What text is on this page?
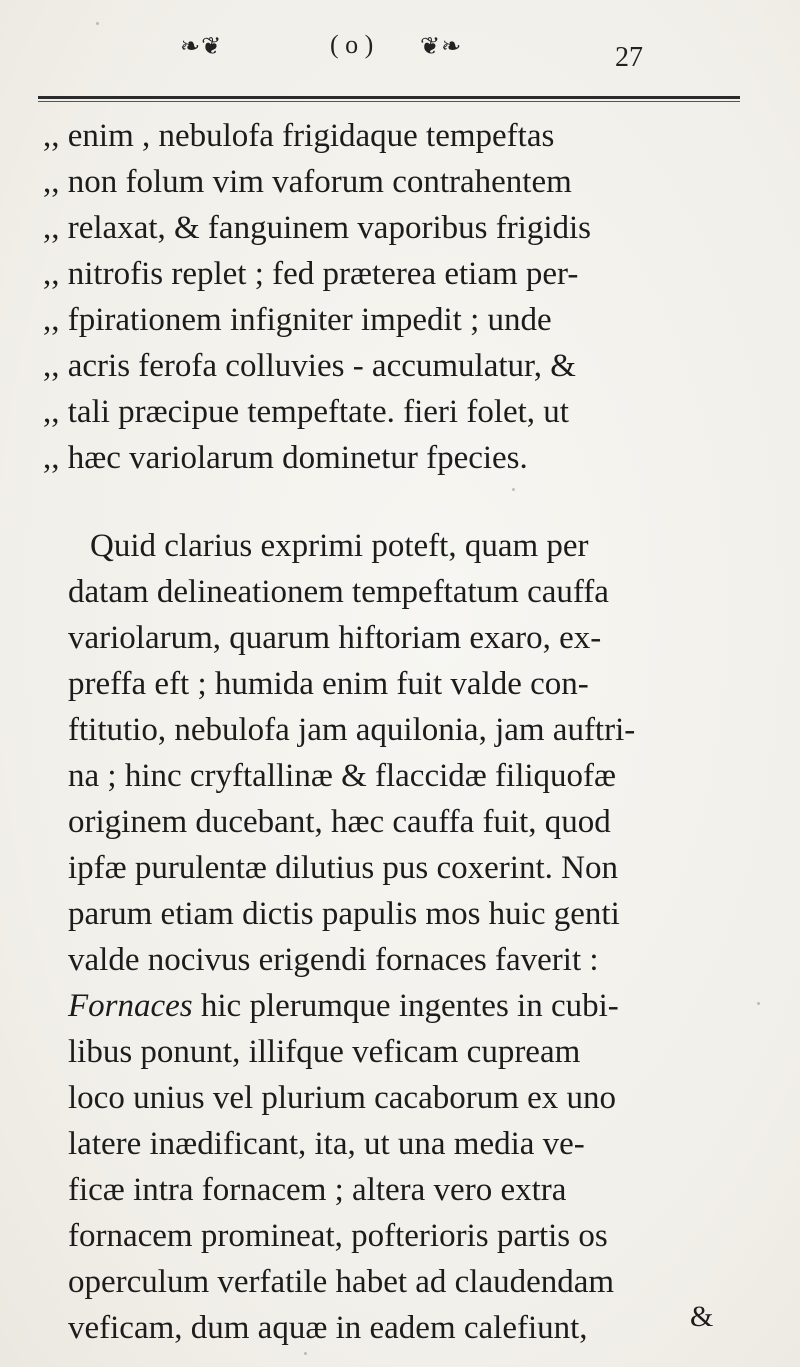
❧❦	( o ) ❦❧	27
,, enim , nebulofa frigidaque tempeftas
,, non folum vim vaforum contrahentem
,, relaxat, & fanguinem vaporibus frigidis
,, nitrofis replet ; fed præterea etiam per-
,, fpirationem infigniter impedit ; unde
,, acris ferofa colluvies - accumulatur, &
,, tali præcipue tempeftate. fieri folet, ut
,, hæc variolarum dominetur fpecies.
Quid clarius exprimi poteft, quam per
datam delineationem tempeftatum cauffa
variolarum, quarum hiftoriam exaro, ex-
preffa eft ; humida enim fuit valde con-
ftitutio, nebulofa jam aquilonia, jam auftri-
na ; hinc cryftallinæ & flaccidæ filiquofæ
originem ducebant, hæc cauffa fuit, quod
ipfæ purulentæ dilutius pus coxerint. Non
parum etiam dictis papulis mos huic genti
valde nocivus erigendi fornaces faverit :
Fornaces hic plerumque ingentes in cubi-
libus ponunt, illifque veficam cupream
loco unius vel plurium cacaborum ex uno
latere inædificant, ita, ut una media ve-
ficæ intra fornacem ; altera vero extra
fornacem promineat, pofterioris partis os
operculum verfatile habet ad claudendam
veficam, dum aquæ in eadem calefiunt,	&
